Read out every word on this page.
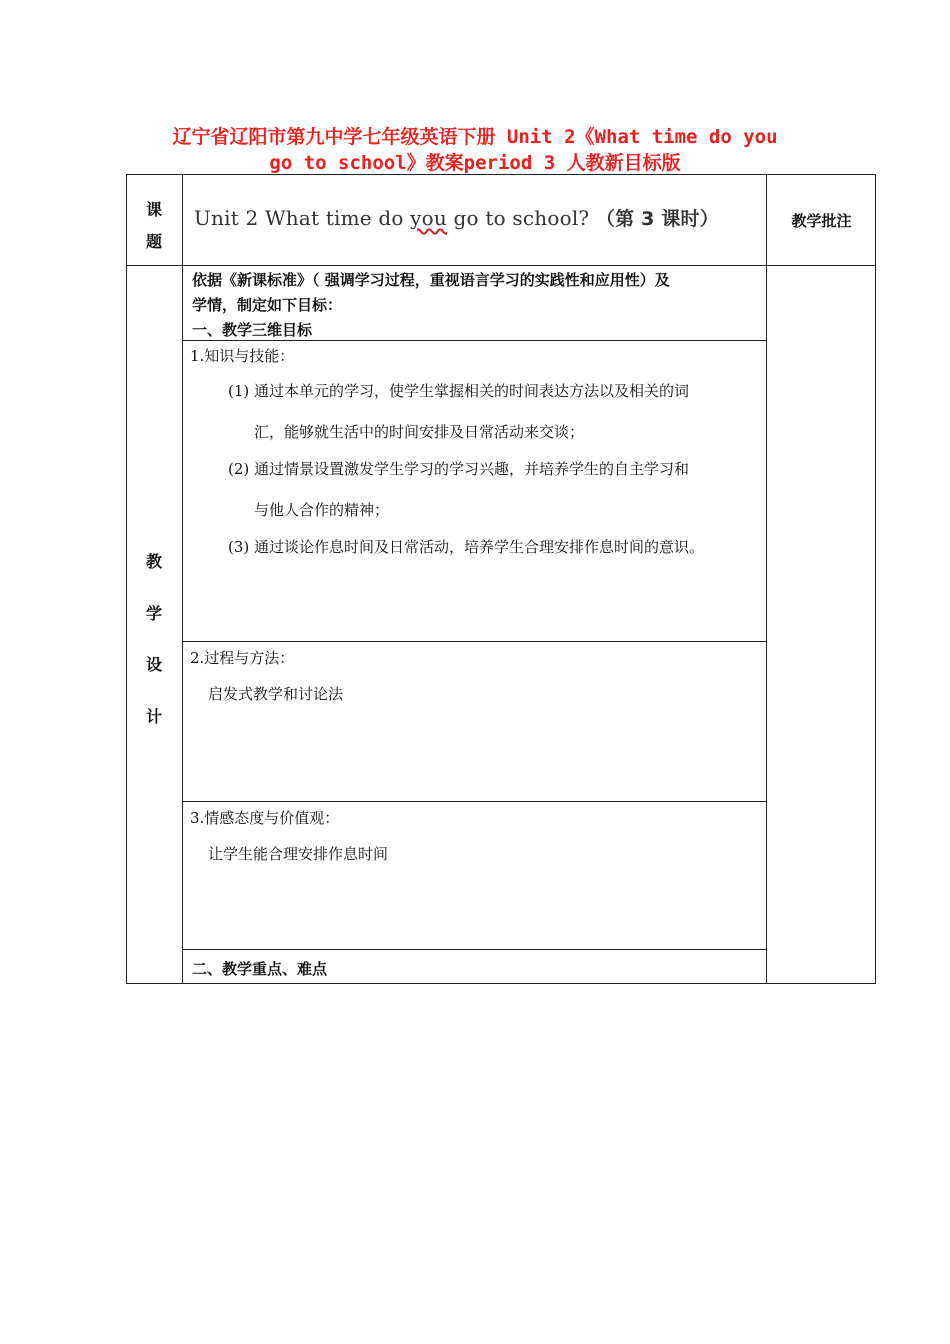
辽宁省辽阳市第九中学七年级英语下册 Unit 2《What time do you
go to school》教案period 3 人教新目标版
课
题
Unit 2 What time do you go to school? （第 3 课时）	教学批注
教
学
设
计
依据《新课标准》（ 强调学习过程，重视语言学习的实践性和应用性）及
学情，制定如下目标：
一、教学三维目标
1.知识与技能：
(1) 通过本单元的学习，使学生掌握相关的时间表达方法以及相关的词
汇，能够就生活中的时间安排及日常活动来交谈；
(2) 通过情景设置激发学生学习的学习兴趣，并培养学生的自主学习和
与他人合作的精神；
(3) 通过谈论作息时间及日常活动，培养学生合理安排作息时间的意识。
2.过程与方法：
启发式教学和讨论法
3.情感态度与价值观：
让学生能合理安排作息时间
二、教学重点、难点
